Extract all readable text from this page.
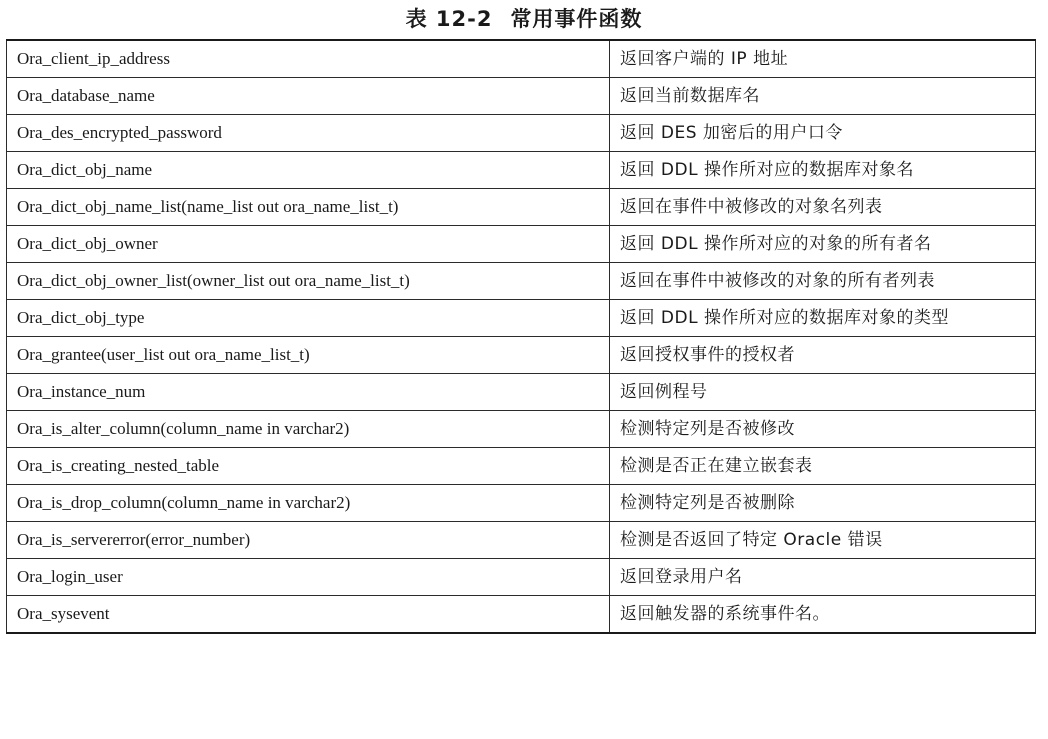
表 12-2 常用事件函数
Ora_client_ip_address	返回客户端的 IP 地址
Ora_database_name	返回当前数据库名
Ora_des_encrypted_password	返回 DES 加密后的用户口令
Ora_dict_obj_name	返回 DDL 操作所对应的数据库对象名
Ora_dict_obj_name_list(name_list out ora_name_list_t)	返回在事件中被修改的对象名列表
Ora_dict_obj_owner	返回 DDL 操作所对应的对象的所有者名
Ora_dict_obj_owner_list(owner_list out ora_name_list_t)	返回在事件中被修改的对象的所有者列表
Ora_dict_obj_type	返回 DDL 操作所对应的数据库对象的类型
Ora_grantee(user_list out ora_name_list_t)	返回授权事件的授权者
Ora_instance_num	返回例程号
Ora_is_alter_column(column_name in varchar2)	检测特定列是否被修改
Ora_is_creating_nested_table	检测是否正在建立嵌套表
Ora_is_drop_column(column_name in varchar2)	检测特定列是否被删除
Ora_is_servererror(error_number)	检测是否返回了特定 Oracle 错误
Ora_login_user	返回登录用户名
Ora_sysevent	返回触发器的系统事件名。
